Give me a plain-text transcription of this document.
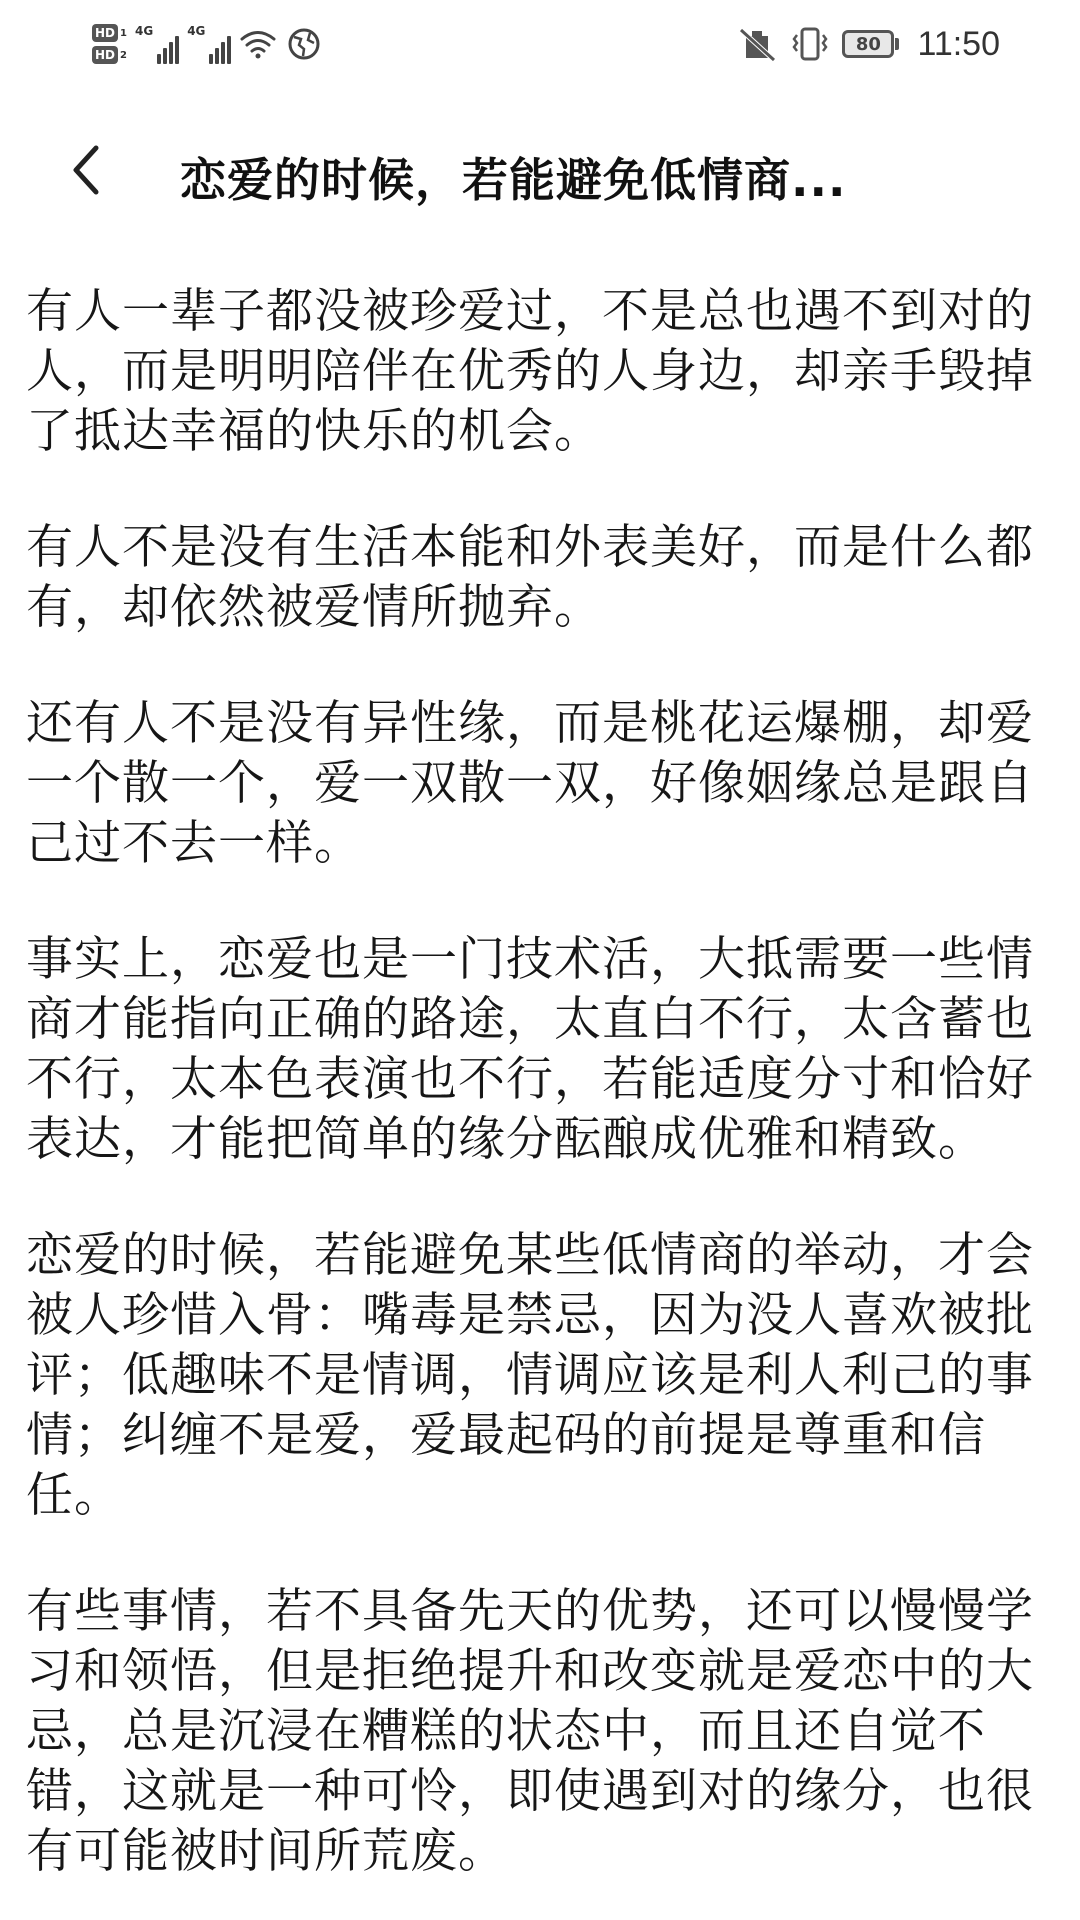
HD 1
HD 2
4G	4G
80	11:50
恋爱的时候，若能避免低情商...

有人一辈子都没被珍爱过，不是总也遇不到对的人，而是明明陪伴在优秀的人身边，却亲手毁掉了抵达幸福的快乐的机会。

有人不是没有生活本能和外表美好，而是什么都有，却依然被爱情所抛弃。

还有人不是没有异性缘，而是桃花运爆棚，却爱一个散一个，爱一双散一双，好像姻缘总是跟自己过不去一样。

事实上，恋爱也是一门技术活，大抵需要一些情商才能指向正确的路途，太直白不行，太含蓄也不行，太本色表演也不行，若能适度分寸和恰好表达，才能把简单的缘分酝酿成优雅和精致。

恋爱的时候，若能避免某些低情商的举动，才会被人珍惜入骨：嘴毒是禁忌，因为没人喜欢被批评；低趣味不是情调，情调应该是利人利己的事情；纠缠不是爱，爱最起码的前提是尊重和信任。

有些事情，若不具备先天的优势，还可以慢慢学习和领悟，但是拒绝提升和改变就是爱恋中的大忌，总是沉浸在糟糕的状态中，而且还自觉不错，这就是一种可怜，即使遇到对的缘分，也很有可能被时间所荒废。
